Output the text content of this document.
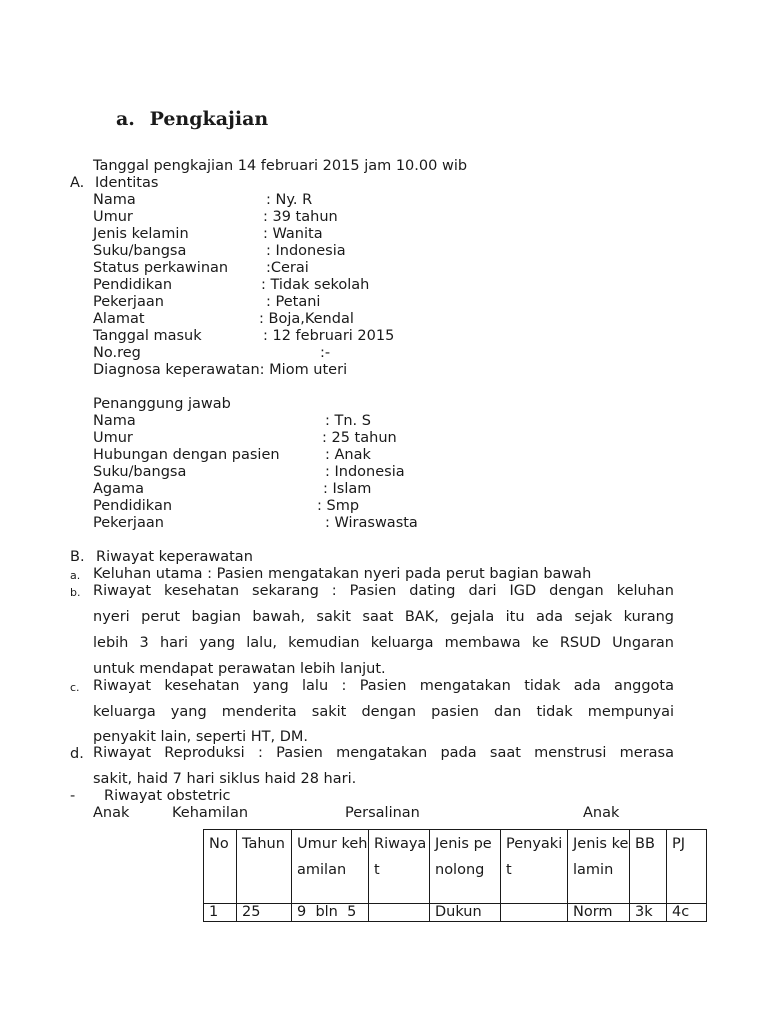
a. Pengkajian
Tanggal pengkajian 14 februari 2015 jam 10.00 wib
A. Identitas
Nama	: Ny. R
Umur	: 39 tahun
Jenis kelamin	: Wanita
Suku/bangsa	: Indonesia
Status perkawinan	:Cerai
Pendidikan	: Tidak sekolah
Pekerjaan	: Petani
Alamat	: Boja,Kendal
Tanggal masuk	: 12 februari 2015
No.reg	:-
Diagnosa keperawatan: Miom uteri
Penanggung jawab
Nama	: Tn. S
Umur	: 25 tahun
Hubungan dengan pasien	: Anak
Suku/bangsa	: Indonesia
Agama	: Islam
Pendidikan	: Smp
Pekerjaan	: Wiraswasta
B. Riwayat keperawatan
a. Keluhan utama : Pasien mengatakan nyeri pada perut bagian bawah
b. Riwayat kesehatan sekarang : Pasien dating dari IGD dengan keluhan
nyeri perut bagian bawah, sakit saat BAK, gejala itu ada sejak kurang
lebih 3 hari yang lalu, kemudian keluarga membawa ke RSUD Ungaran
untuk mendapat perawatan lebih lanjut.
c. Riwayat kesehatan yang lalu : Pasien mengatakan tidak ada anggota
keluarga yang menderita sakit dengan pasien dan tidak mempunyai
penyakit lain, seperti HT, DM.
d. Riwayat Reproduksi : Pasien mengatakan pada saat menstrusi merasa
sakit, haid 7 hari siklus haid 28 hari.
- Riwayat obstetric
Anak	Kehamilan	Persalinan	Anak
No	Tahun	Umur kehamilan	Riwayat	Jenis penolong	Penyakit	Jenis kelamin	BB	PJ
1	25	9  bln  5		Dukun		Norm	3k	4c
